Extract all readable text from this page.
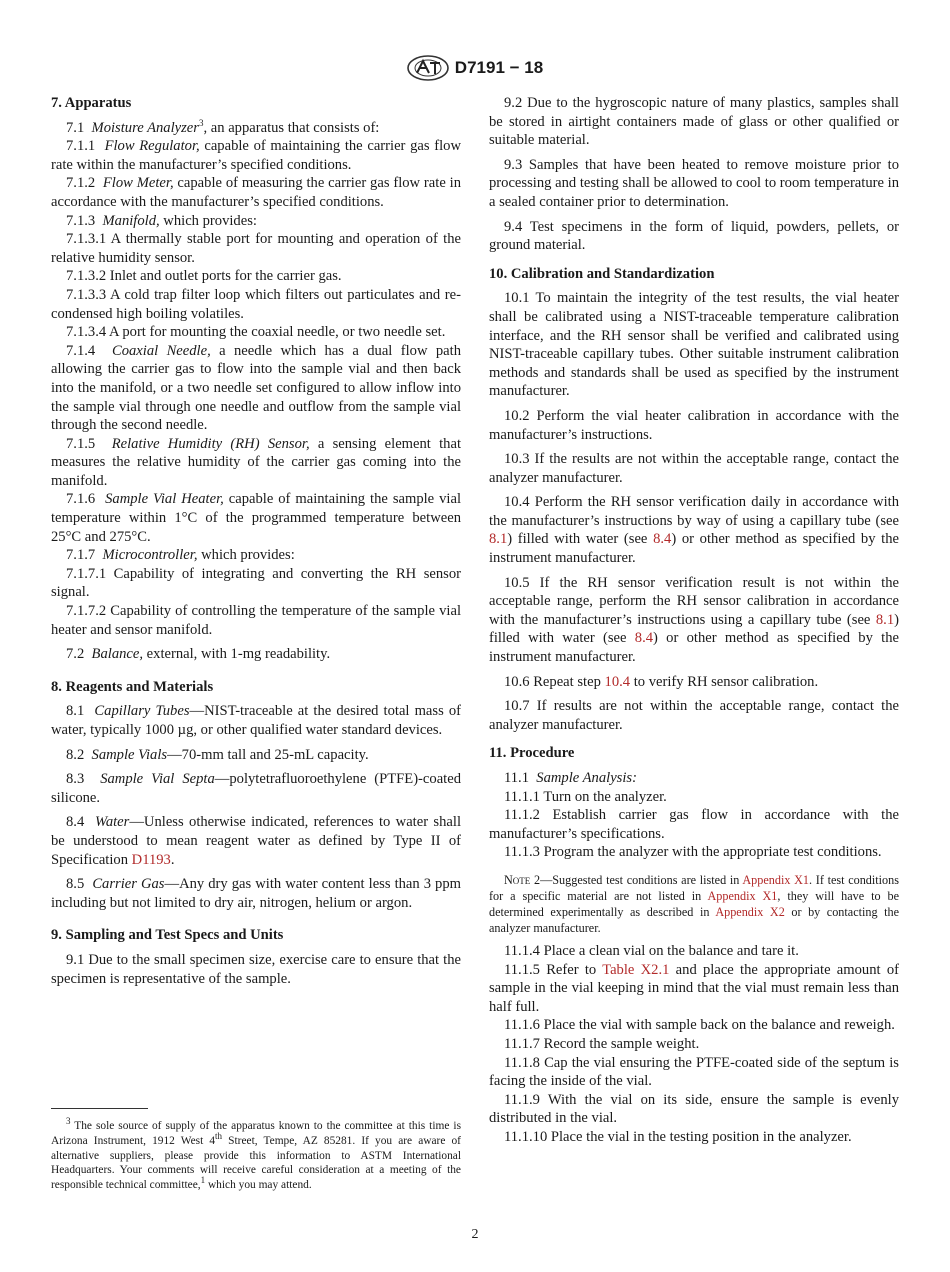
D7191 − 18

7. Apparatus

7.1 Moisture Analyzer$^3$, an apparatus that consists of:

7.1.1 Flow Regulator, capable of maintaining the carrier gas flow rate within the manufacturer’s specified conditions.

7.1.2 Flow Meter, capable of measuring the carrier gas flow rate in accordance with the manufacturer’s specified conditions.

7.1.3 Manifold, which provides:

7.1.3.1 A thermally stable port for mounting and operation of the relative humidity sensor.

7.1.3.2 Inlet and outlet ports for the carrier gas.

7.1.3.3 A cold trap filter loop which filters out particulates and re-condensed high boiling volatiles.

7.1.3.4 A port for mounting the coaxial needle, or two needle set.

7.1.4 Coaxial Needle, a needle which has a dual flow path allowing the carrier gas to flow into the sample vial and then back into the manifold, or a two needle set configured to allow inflow into the sample vial through one needle and outflow from the sample vial through the second needle.

7.1.5 Relative Humidity (RH) Sensor, a sensing element that measures the relative humidity of the carrier gas coming into the manifold.

7.1.6 Sample Vial Heater, capable of maintaining the sample vial temperature within 1°C of the programmed temperature between 25°C and 275°C.

7.1.7 Microcontroller, which provides:

7.1.7.1 Capability of integrating and converting the RH sensor signal.

7.1.7.2 Capability of controlling the temperature of the sample vial heater and sensor manifold.

7.2 Balance, external, with 1-mg readability.

8. Reagents and Materials

8.1 Capillary Tubes—NIST-traceable at the desired total mass of water, typically 1000 µg, or other qualified water standard devices.

8.2 Sample Vials—70-mm tall and 25-mL capacity.

8.3 Sample Vial Septa—polytetrafluoroethylene (PTFE)-coated silicone.

8.4 Water—Unless otherwise indicated, references to water shall be understood to mean reagent water as defined by Type II of Specification D1193.

8.5 Carrier Gas—Any dry gas with water content less than 3 ppm including but not limited to dry air, nitrogen, helium or argon.

9. Sampling and Test Specs and Units

9.1 Due to the small specimen size, exercise care to ensure that the specimen is representative of the sample.

$^3$ The sole source of supply of the apparatus known to the committee at this time is Arizona Instrument, 1912 West 4th Street, Tempe, AZ 85281. If you are aware of alternative suppliers, please provide this information to ASTM International Headquarters. Your comments will receive careful consideration at a meeting of the responsible technical committee,$^1$ which you may attend.

9.2 Due to the hygroscopic nature of many plastics, samples shall be stored in airtight containers made of glass or other qualified or suitable material.

9.3 Samples that have been heated to remove moisture prior to processing and testing shall be allowed to cool to room temperature in a sealed container prior to determination.

9.4 Test specimens in the form of liquid, powders, pellets, or ground material.

10. Calibration and Standardization

10.1 To maintain the integrity of the test results, the vial heater shall be calibrated using a NIST-traceable temperature calibration interface, and the RH sensor shall be verified and calibrated using NIST-traceable capillary tubes. Other suitable instrument calibration methods and standards shall be used as specified by the instrument manufacturer.

10.2 Perform the vial heater calibration in accordance with the manufacturer’s instructions.

10.3 If the results are not within the acceptable range, contact the analyzer manufacturer.

10.4 Perform the RH sensor verification daily in accordance with the manufacturer’s instructions by way of using a capillary tube (see 8.1) filled with water (see 8.4) or other method as specified by the instrument manufacturer.

10.5 If the RH sensor verification result is not within the acceptable range, perform the RH sensor calibration in accordance with the manufacturer’s instructions using a capillary tube (see 8.1) filled with water (see 8.4) or other method as specified by the instrument manufacturer.

10.6 Repeat step 10.4 to verify RH sensor calibration.

10.7 If results are not within the acceptable range, contact the analyzer manufacturer.

11. Procedure

11.1 Sample Analysis:

11.1.1 Turn on the analyzer.

11.1.2 Establish carrier gas flow in accordance with the manufacturer’s specifications.

11.1.3 Program the analyzer with the appropriate test conditions.

Note 2—Suggested test conditions are listed in Appendix X1. If test conditions for a specific material are not listed in Appendix X1, they will have to be determined experimentally as described in Appendix X2 or by contacting the analyzer manufacturer.

11.1.4 Place a clean vial on the balance and tare it.

11.1.5 Refer to Table X2.1 and place the appropriate amount of sample in the vial keeping in mind that the vial must remain less than half full.

11.1.6 Place the vial with sample back on the balance and reweigh.

11.1.7 Record the sample weight.

11.1.8 Cap the vial ensuring the PTFE-coated side of the septum is facing the inside of the vial.

11.1.9 With the vial on its side, ensure the sample is evenly distributed in the vial.

11.1.10 Place the vial in the testing position in the analyzer.

2
